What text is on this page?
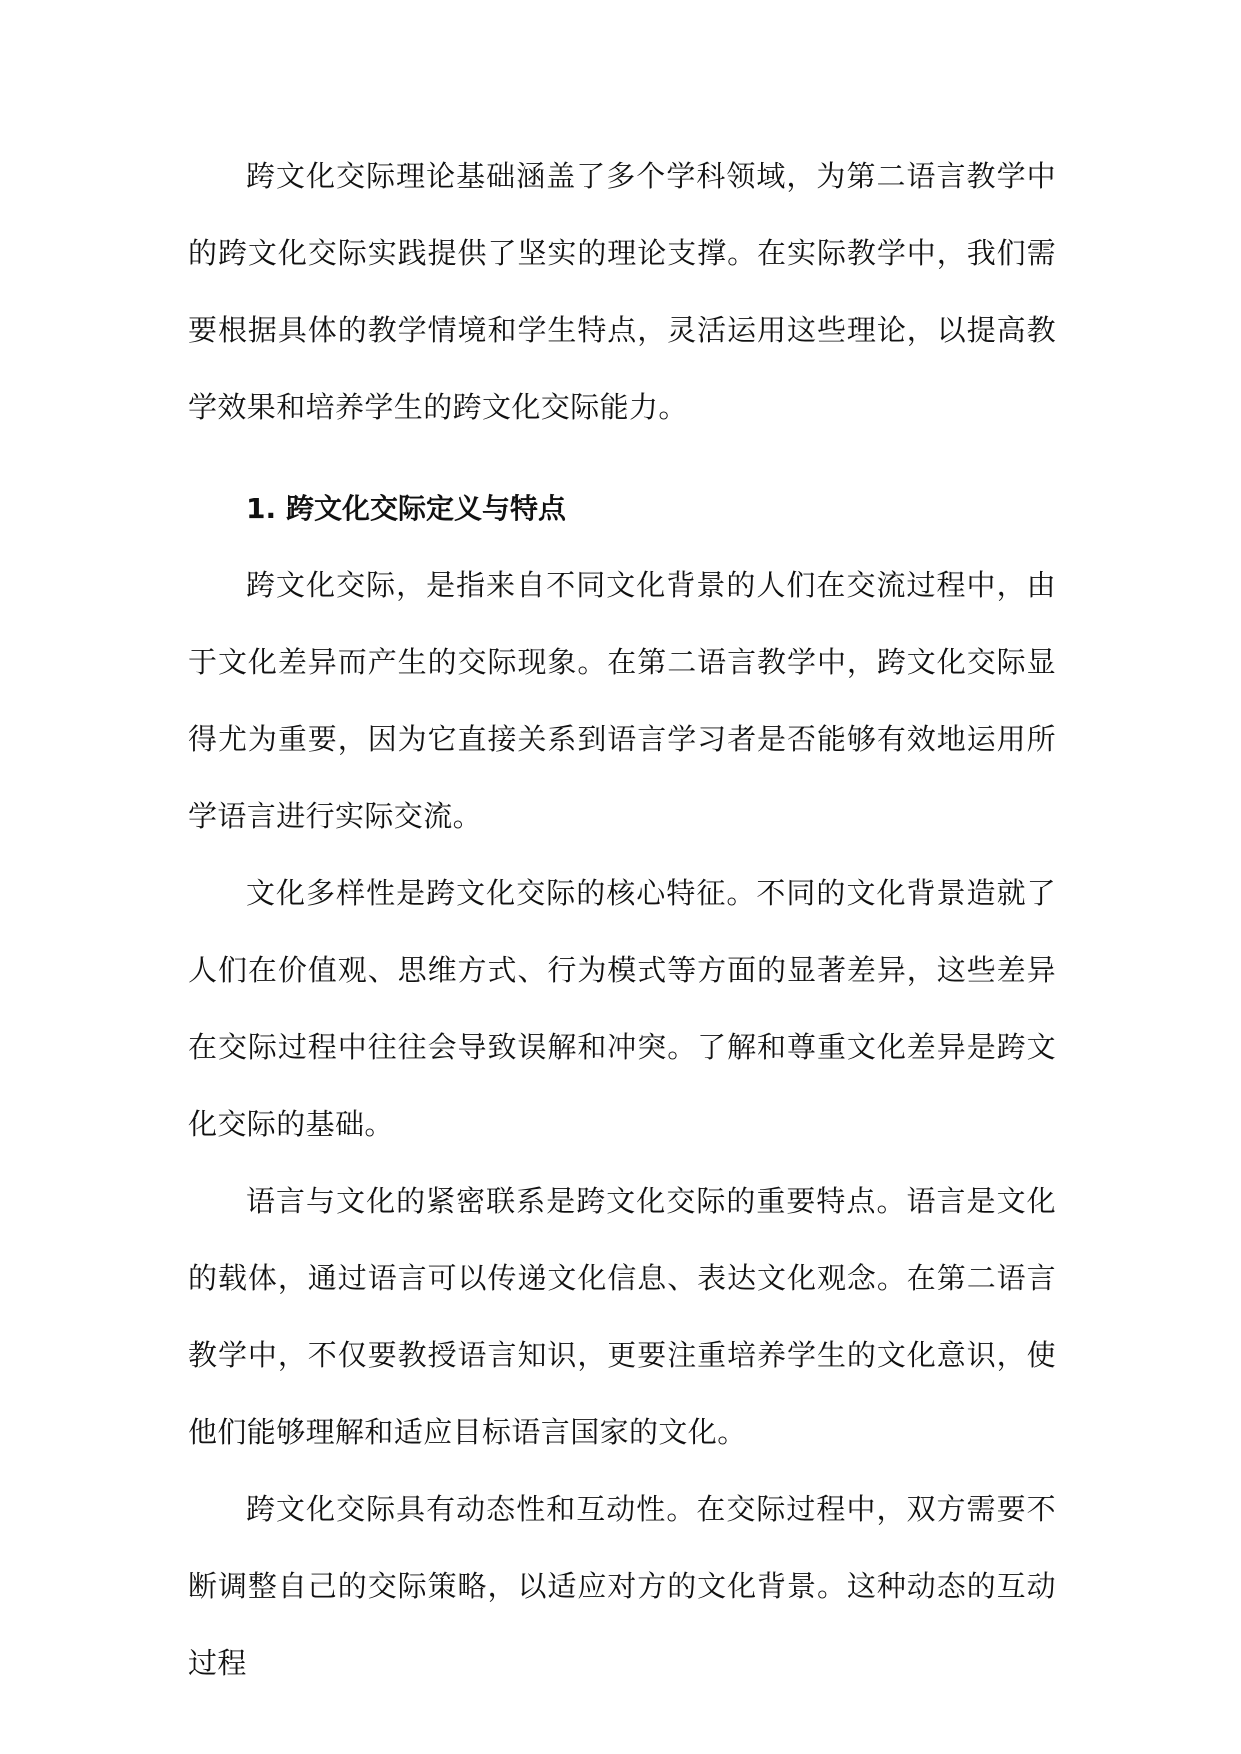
跨文化交际理论基础涵盖了多个学科领域，为第二语言教学中的跨文化交际实践提供了坚实的理论支撑。在实际教学中，我们需要根据具体的教学情境和学生特点，灵活运用这些理论，以提高教学效果和培养学生的跨文化交际能力。

1. 跨文化交际定义与特点

跨文化交际，是指来自不同文化背景的人们在交流过程中，由于文化差异而产生的交际现象。在第二语言教学中，跨文化交际显得尤为重要，因为它直接关系到语言学习者是否能够有效地运用所学语言进行实际交流。

文化多样性是跨文化交际的核心特征。不同的文化背景造就了人们在价值观、思维方式、行为模式等方面的显著差异，这些差异在交际过程中往往会导致误解和冲突。了解和尊重文化差异是跨文化交际的基础。

语言与文化的紧密联系是跨文化交际的重要特点。语言是文化的载体，通过语言可以传递文化信息、表达文化观念。在第二语言教学中，不仅要教授语言知识，更要注重培养学生的文化意识，使他们能够理解和适应目标语言国家的文化。

跨文化交际具有动态性和互动性。在交际过程中，双方需要不断调整自己的交际策略，以适应对方的文化背景。这种动态的互动过程
